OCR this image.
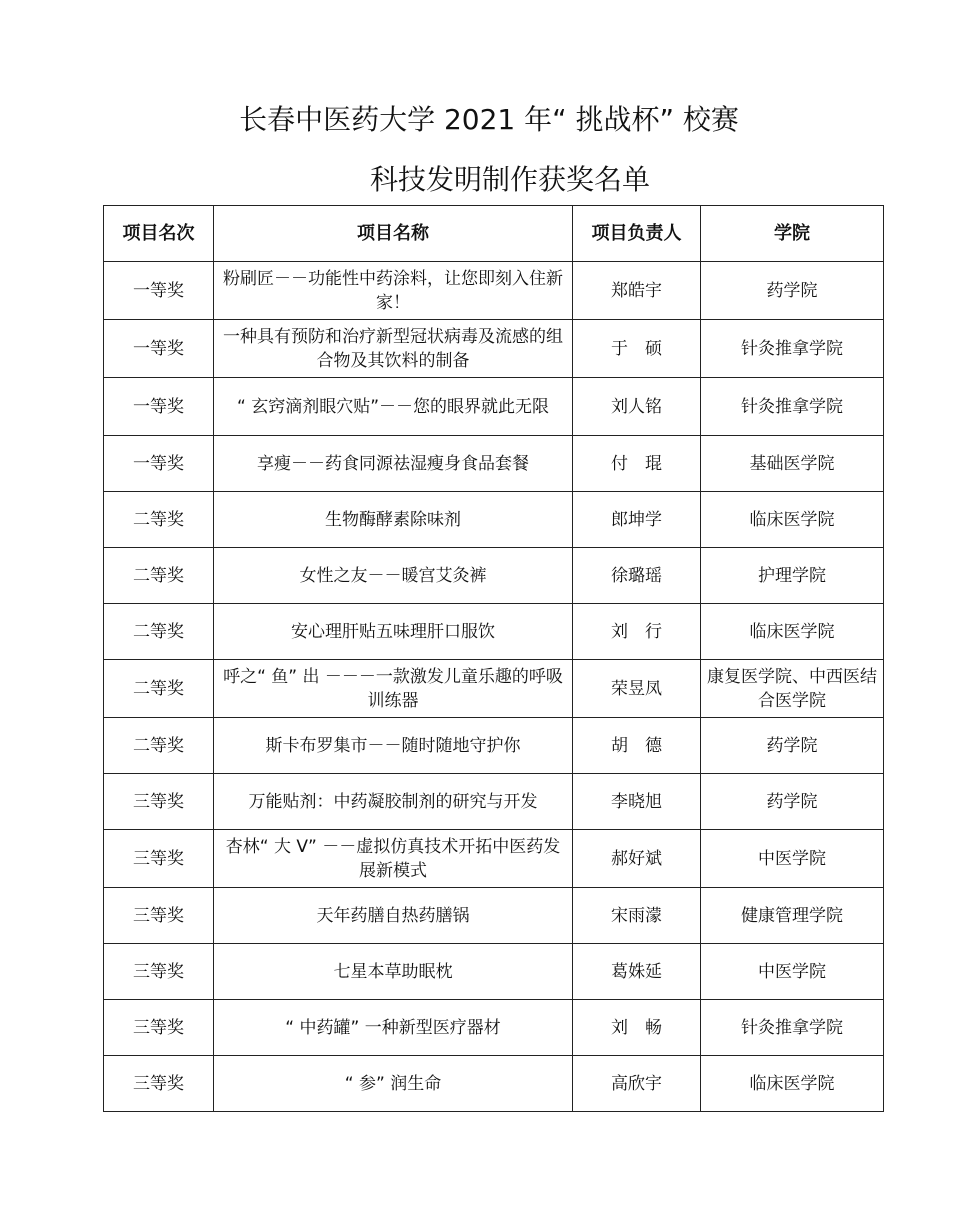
长春中医药大学 2021 年“ 挑战杯” 校赛
科技发明制作获奖名单
项目名次	项目名称	项目负责人	学院
一等奖	粉刷匠－－功能性中药涂料，让您即刻入住新家！	郑皓宇	药学院
一等奖	一种具有预防和治疗新型冠状病毒及流感的组合物及其饮料的制备	于　硕	针灸推拿学院
一等奖	“ 玄窍滴剂眼穴贴”－－您的眼界就此无限	刘人铭	针灸推拿学院
一等奖	享瘦－－药食同源祛湿瘦身食品套餐	付　琨	基础医学院
二等奖	生物酶酵素除味剂	郎坤学	临床医学院
二等奖	女性之友－－暖宫艾灸裤	徐璐瑶	护理学院
二等奖	安心理肝贴五味理肝口服饮	刘　行	临床医学院
二等奖	呼之“ 鱼” 出 －－－一款激发儿童乐趣的呼吸训练器	荣昱凤	康复医学院、中西医结合医学院
二等奖	斯卡布罗集市－－随时随地守护你	胡　德	药学院
三等奖	万能贴剂：中药凝胶制剂的研究与开发	李晓旭	药学院
三等奖	杏林“ 大 V” －－虚拟仿真技术开拓中医药发展新模式	郝好斌	中医学院
三等奖	天年药膳自热药膳锅	宋雨濛	健康管理学院
三等奖	七星本草助眠枕	葛姝延	中医学院
三等奖	“ 中药罐” 一种新型医疗器材	刘　畅	针灸推拿学院
三等奖	“ 参” 润生命	高欣宇	临床医学院
